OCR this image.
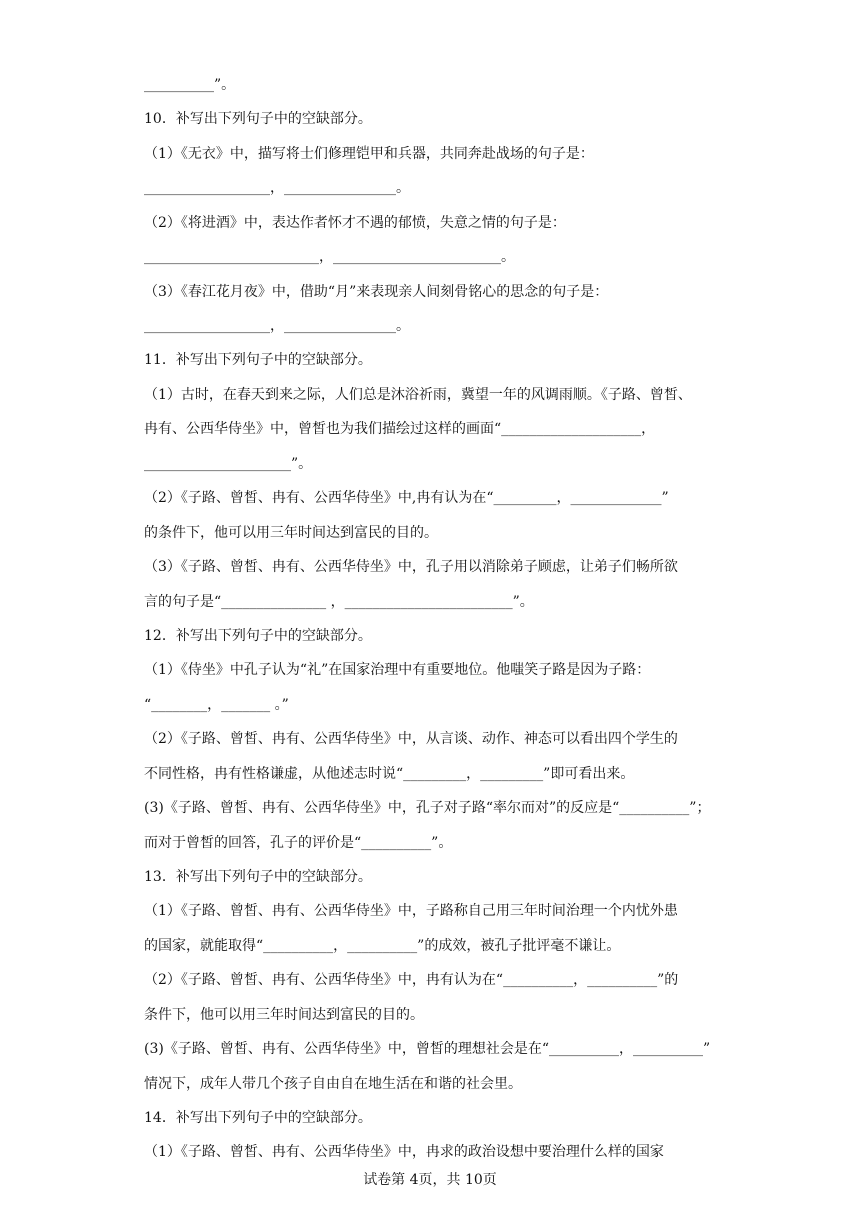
__________”。
10．补写出下列句子中的空缺部分。
（1）《无衣》中，描写将士们修理铠甲和兵器，共同奔赴战场的句子是：
__________________，________________。
（2）《将进酒》中，表达作者怀才不遇的郁愤，失意之情的句子是：
_________________________，________________________。
（3）《春江花月夜》中，借助“月”来表现亲人间刻骨铭心的思念的句子是：
__________________，________________。
11．补写出下列句子中的空缺部分。
（1）古时，在春天到来之际，人们总是沐浴祈雨，冀望一年的风调雨顺。《子路、曾皙、
冉有、公西华侍坐》中，曾皙也为我们描绘过这样的画面“____________________，
_____________________”。
（2）《子路、曾皙、冉有、公西华侍坐》中,冉有认为在“_________，_____________”
的条件下，他可以用三年时间达到富民的目的。
（3）《子路、曾皙、冉有、公西华侍坐》中，孔子用以消除弟子顾虑，让弟子们畅所欲
言的句子是“_______________ ，________________________”。
12．补写出下列句子中的空缺部分。
（1）《侍坐》中孔子认为“礼”在国家治理中有重要地位。他嗤笑子路是因为子路：
“________，_______ 。”
（2）《子路、曾皙、冉有、公西华侍坐》中，从言谈、动作、神态可以看出四个学生的
不同性格，冉有性格谦虚，从他述志时说“_________，_________”即可看出来。
(3)《子路、曾皙、冉有、公西华侍坐》中，孔子对子路“率尔而对”的反应是“__________”；
而对于曾皙的回答，孔子的评价是“__________”。
13．补写出下列句子中的空缺部分。
（1）《子路、曾皙、冉有、公西华侍坐》中，子路称自己用三年时间治理一个内忧外患
的国家，就能取得“__________，__________”的成效，被孔子批评毫不谦让。
（2）《子路、曾皙、冉有、公西华侍坐》中，冉有认为在“__________，__________”的
条件下，他可以用三年时间达到富民的目的。
(3)《子路、曾皙、冉有、公西华侍坐》中，曾皙的理想社会是在“__________，__________”
情况下，成年人带几个孩子自由自在地生活在和谐的社会里。
14．补写出下列句子中的空缺部分。
（1）《子路、曾皙、冉有、公西华侍坐》中，冉求的政治设想中要治理什么样的国家
试卷第 4页，共 10页
